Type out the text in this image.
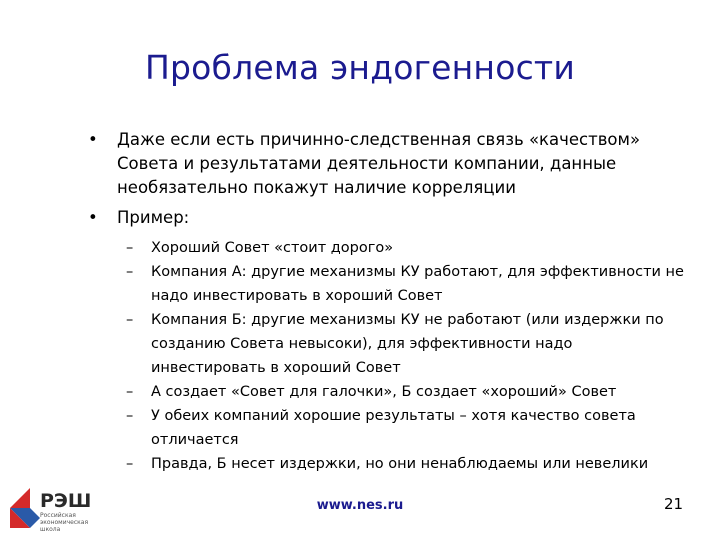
Проблема эндогенности
• Даже если есть причинно-следственная связь «качеством» Совета и результатами деятельности компании, данные необязательно покажут наличие корреляции
• Пример:
– Хороший Совет «стоит дорого»
– Компания А: другие механизмы КУ работают, для эффективности не надо инвестировать в хороший Совет
– Компания Б: другие механизмы КУ не работают (или издержки по созданию Совета невысоки), для эффективности надо инвестировать в хороший Совет
– А создает «Совет для галочки», Б создает «хороший» Совет
– У обеих компаний хорошие результаты – хотя качество совета отличается
– Правда, Б несет издержки, но они ненаблюдаемы или невелики
РЭШ
Российская экономическая школа
www.nes.ru	21
